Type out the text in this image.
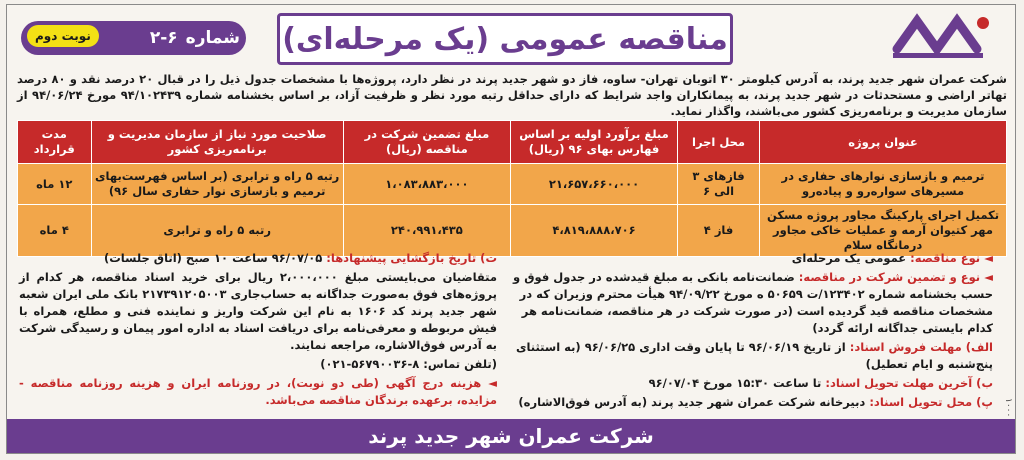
مناقصه عمومی (یک مرحله‌ای)
شماره
۲-۶
نوبت دوم
شرکت عمران شهر جدید پرند، به آدرس کیلومتر ۳۰ اتوبان تهران- ساوه، فاز دو شهر جدید پرند در نظر دارد، پروژه‌ها با مشخصات جدول ذیل را در قبال ۲۰ درصد نقد و ۸۰ درصد تهاتر اراضی و مستحدثات در شهر جدید پرند، به پیمانکاران واجد شرایط که دارای حداقل رتبه مورد نظر و ظرفیت آزاد، بر اساس بخشنامه شماره ۹۴/۱۰۲۴۳۹ مورخ ۹۴/۰۶/۲۴ از سازمان مدیریت و برنامه‌ریزی کشور می‌باشند، واگذار نماید.
عنوان پروژه	محل اجرا	مبلغ برآورد اولیه بر اساس فهارس بهای ۹۶ (ریال)	مبلغ تضمین شرکت در مناقصه (ریال)	صلاحیت مورد نیاز از سازمان مدیریت و برنامه‌ریزی کشور	مدت قرارداد
ترمیم و بازسازی نوارهای حفاری در مسیرهای سواره‌رو و پیاده‌رو	فازهای ۳ الی ۶	۲۱،۶۵۷،۶۶۰،۰۰۰	۱،۰۸۳،۸۸۳،۰۰۰	رتبه ۵ راه و ترابری (بر اساس فهرست‌بهای ترمیم و بازسازی نوار حفاری سال ۹۶)	۱۲ ماه
تکمیل اجرای پارکینگ مجاور پروژه مسکن مهر کتیوان آرمه و عملیات خاکی مجاور درمانگاه سلام	فاز ۴	۴،۸۱۹،۸۸۸،۷۰۶	۲۴۰،۹۹۱،۴۳۵	رتبه ۵ راه و ترابری	۴ ماه
◄ نوع مناقصه: عمومی یک مرحله‌ای
◄ نوع و تضمین شرکت در مناقصه: ضمانت‌نامه بانکی به مبلغ قیدشده در جدول فوق و حسب بخشنامه شماره ۱۲۳۴۰۲/ت ۵۰۶۵۹ ه مورخ ۹۴/۰۹/۲۲ هیأت محترم وزیران که در مشخصات مناقصه قید گردیده است (در صورت شرکت در هر مناقصه، ضمانت‌نامه هر کدام بایستی جداگانه ارائه گردد)
الف) مهلت فروش اسناد: از تاریخ ۹۶/۰۶/۱۹ تا پایان وقت اداری ۹۶/۰۶/۲۵ (به استثنای پنج‌شنبه و ایام تعطیل)
ب) آخرین مهلت تحویل اسناد: تا ساعت ۱۵:۳۰ مورخ ۹۶/۰۷/۰۴
پ) محل تحویل اسناد: دبیرخانه شرکت عمران شهر جدید پرند (به آدرس فوق‌الاشاره)
ت) تاریخ بازگشایی پیشنهادها: ۹۶/۰۷/۰۵ ساعت ۱۰ صبح (اتاق جلسات)
متقاضیان می‌بایستی مبلغ ۲،۰۰۰،۰۰۰ ریال برای خرید اسناد مناقصه، هر کدام از پروژه‌های فوق به‌صورت جداگانه به حساب‌جاری ۲۱۷۳۹۱۲۰۵۰۰۳ بانک ملی ایران شعبه شهر جدید پرند کد ۱۶۰۶ به نام این شرکت واریز و نماینده فنی و مطلع، همراه با فیش مربوطه و معرفی‌نامه برای دریافت اسناد به اداره امور پیمان و رسیدگی شرکت به آدرس فوق‌الاشاره، مراجعه نمایند.
(تلفن تماس: ۸-۵۶۷۹۰۰۳۶-۰۲۱)
◄ هزینه درج آگهی (طی دو نوبت)، در روزنامه ایران و هزینه روزنامه مناقصه - مزایده، برعهده برندگان مناقصه می‌باشد.	۱۰۰۰
شرکت عمران شهر جدید پرند
